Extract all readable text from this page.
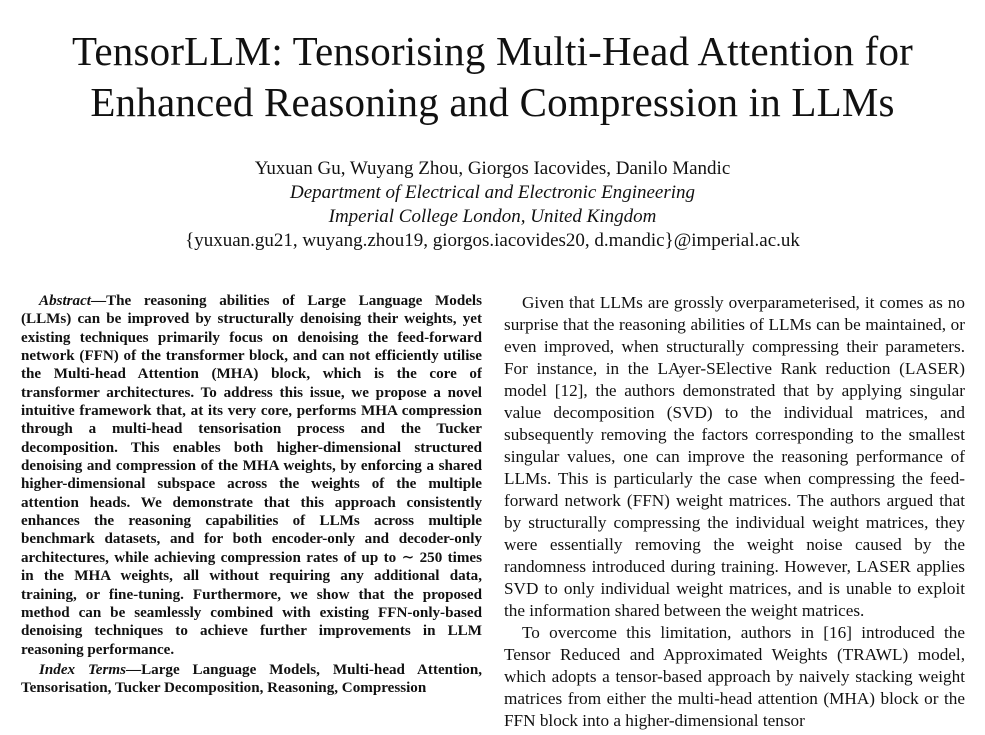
TensorLLM: Tensorising Multi-Head Attention for
Enhanced Reasoning and Compression in LLMs
Yuxuan Gu, Wuyang Zhou, Giorgos Iacovides, Danilo Mandic
Department of Electrical and Electronic Engineering
Imperial College London, United Kingdom
{yuxuan.gu21, wuyang.zhou19, giorgos.iacovides20, d.mandic}@imperial.ac.uk

Abstract—The reasoning abilities of Large Language Models (LLMs) can be improved by structurally denoising their weights, yet existing techniques primarily focus on denoising the feed-forward network (FFN) of the transformer block, and can not efficiently utilise the Multi-head Attention (MHA) block, which is the core of transformer architectures. To address this issue, we propose a novel intuitive framework that, at its very core, performs MHA compression through a multi-head tensorisation process and the Tucker decomposition. This enables both higher-dimensional structured denoising and compression of the MHA weights, by enforcing a shared higher-dimensional subspace across the weights of the multiple attention heads. We demonstrate that this approach consistently enhances the reasoning capabilities of LLMs across multiple benchmark datasets, and for both encoder-only and decoder-only architectures, while achieving compression rates of up to ∼ 250 times in the MHA weights, all without requiring any additional data, training, or fine-tuning. Furthermore, we show that the proposed method can be seamlessly combined with existing FFN-only-based denoising techniques to achieve further improvements in LLM reasoning performance.

Index Terms—Large Language Models, Multi-head Attention, Tensorisation, Tucker Decomposition, Reasoning, Compression

Given that LLMs are grossly overparameterised, it comes as no surprise that the reasoning abilities of LLMs can be maintained, or even improved, when structurally compressing their parameters. For instance, in the LAyer-SElective Rank reduction (LASER) model [12], the authors demonstrated that by applying singular value decomposition (SVD) to the individual matrices, and subsequently removing the factors corresponding to the smallest singular values, one can improve the reasoning performance of LLMs. This is particularly the case when compressing the feed-forward network (FFN) weight matrices. The authors argued that by structurally compressing the individual weight matrices, they were essentially removing the weight noise caused by the randomness introduced during training. However, LASER applies SVD to only individual weight matrices, and is unable to exploit the information shared between the weight matrices.

To overcome this limitation, authors in [16] introduced the Tensor Reduced and Approximated Weights (TRAWL) model, which adopts a tensor-based approach by naively stacking weight matrices from either the multi-head attention (MHA) block or the FFN block into a higher-dimensional tensor
